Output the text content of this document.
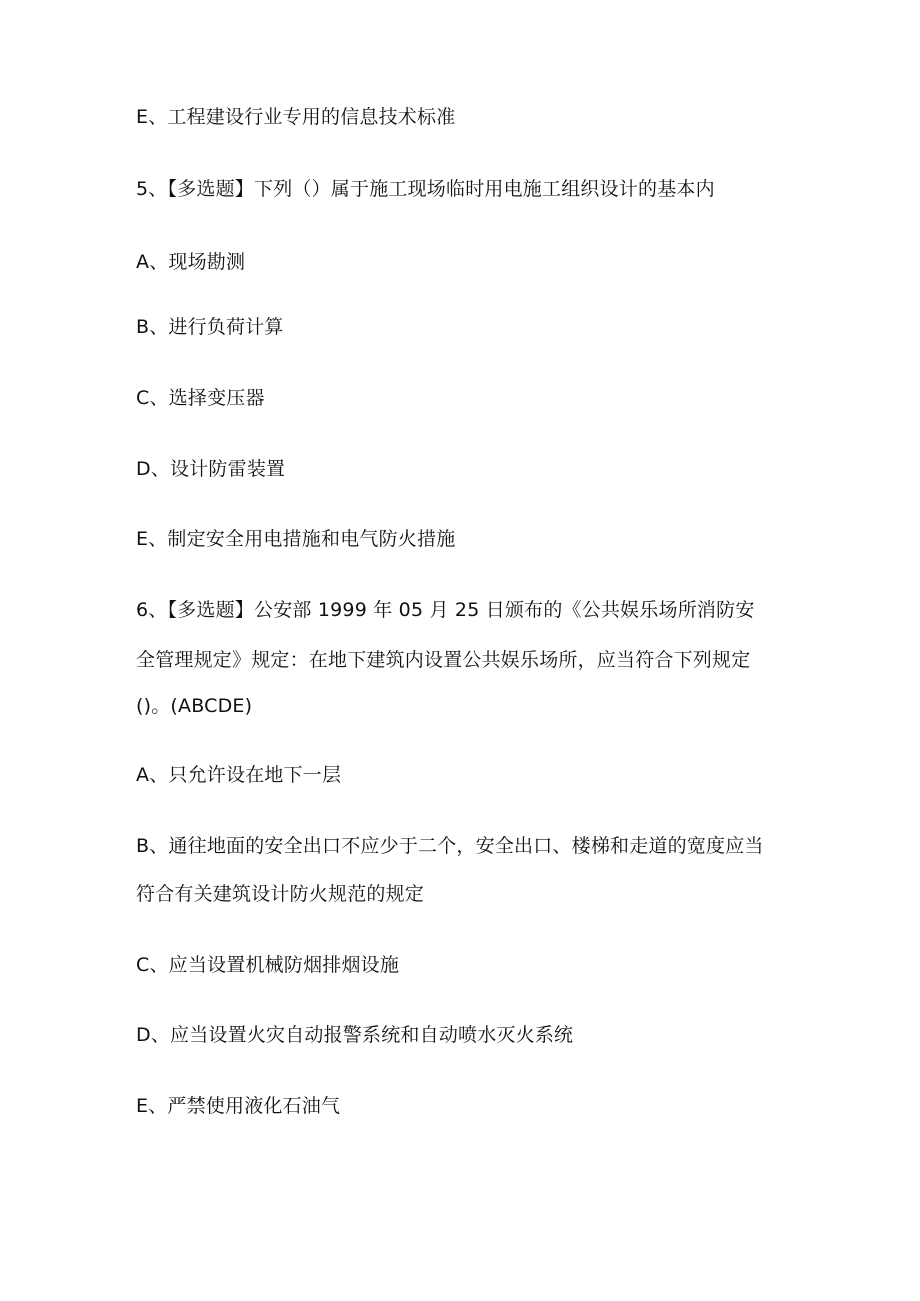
E、工程建设行业专用的信息技术标准
5、【多选题】下列（）属于施工现场临时用电施工组织设计的基本内
A、现场勘测
B、进行负荷计算
C、选择变压器
D、设计防雷装置
E、制定安全用电措施和电气防火措施
6、【多选题】公安部 1999 年 05 月 25 日颁布的《公共娱乐场所消防安
全管理规定》规定：在地下建筑内设置公共娱乐场所，应当符合下列规定
()。(ABCDE)
A、只允许设在地下一层
B、通往地面的安全出口不应少于二个，安全出口、楼梯和走道的宽度应当
符合有关建筑设计防火规范的规定
C、应当设置机械防烟排烟设施
D、应当设置火灾自动报警系统和自动喷水灭火系统
E、严禁使用液化石油气
